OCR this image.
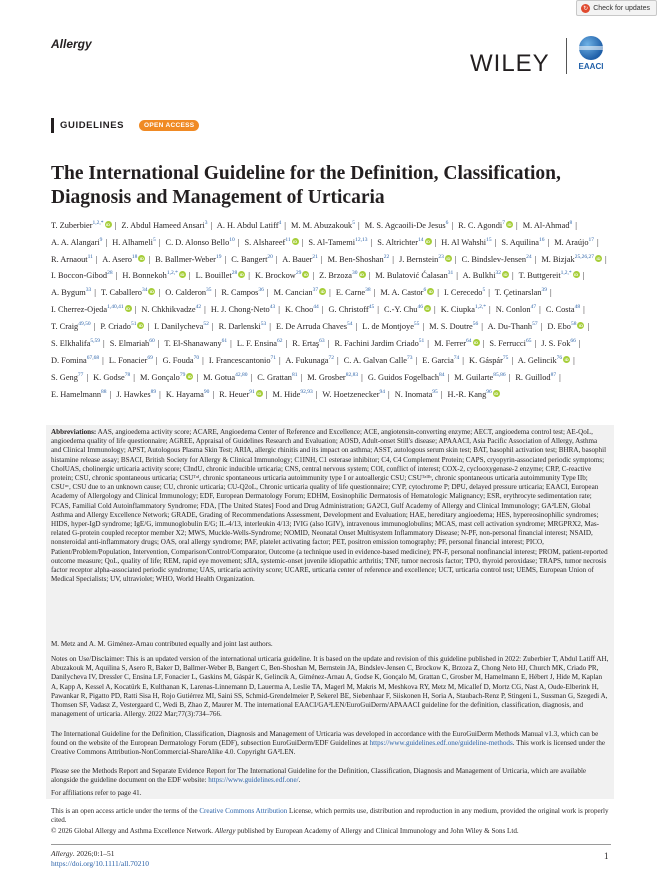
↻ Check for updates
Allergy
WILEY	EAACI
GUIDELINES	OPEN ACCESS
The International Guideline for the Definition, Classification, Diagnosis and Management of Urticaria
T. Zuberbier$^{1,2,*}$ iD | Z. Abdul Hameed Ansari$^3$ | A. H. Abdul Latiff$^4$ | M. M. Abuzakouk$^5$ | M. S. Agcaoili-De Jesus$^6$ | R. C. Agondi$^7$ iD | M. Al-Ahmad$^8$ | A. A. Alangari$^9$ | H. Alhameli$^5$ | C. D. Alonso Bello$^{10}$ | S. Alshareef$^{11}$ iD | S. Al-Tamemi$^{12,13}$ | S. Altrichter$^{14}$ iD | H. Al Wahshi$^{15}$ | S. Aquilina$^{16}$ | M. Araújo$^{17}$ | R. Arnaout$^{11}$ | A. Asero$^{18}$ iD | B. Ballmer-Weber$^{19}$ | C. Bangert$^{20}$ | A. Bauer$^{21}$ | M. Ben-Shoshan$^{22}$ | J. Bernstein$^{23}$ iD | C. Bindslev-Jensen$^{24}$ | M. Bizjak$^{25,26,27}$ iD | I. Boccon-Gibod$^{28}$ | H. Bonnekoh$^{1,2,*}$ iD | L. Bouillet$^{28}$ iD | K. Brockow$^{29}$ iD | Z. Brzoza$^{30}$ iD | M. Bulatović Ćalasan$^{31}$ | A. Bulkhi$^{32}$ iD | T. Buttgereit$^{1,2,*}$ iD | A. Bygum$^{33}$ | T. Caballero$^{34}$ iD | O. Calderon$^{35}$ | R. Campos$^{36}$ | M. Cancian$^{37}$ iD | E. Carne$^{38}$ | M. A. Castor$^6$ iD | I. Cerecedo$^5$ | T. Çetinarslan$^{39}$ | I. Cherrez-Ojeda$^{1,40,41}$iD | N. Chkhikvadze$^{42}$ | H. J. Chong-Neto$^{43}$ | K. Choo$^{44}$ | G. Christoff$^{45}$ | C.-Y. Chu$^{46}$ iD | K. Ciupka$^{1,2,*}$ | N. Conlon$^{47}$ | C. Costa$^{48}$ | T. Craig$^{49,50}$ | P. Criado$^{51}$ iD | I. Danilycheva$^{52}$ | R. Darlenski$^{53}$ | E. De Arruda Chaves$^{54}$ | L. de Montjoye$^{55}$ | M. S. Doutre$^{56}$ | A. Du-Thanh$^{57}$ | D. Ebo$^{58}$ iD | S. Elkhalifa$^{5,59}$ | S. Elmariah$^{60}$ | T. El-Shanawany$^{61}$ | L. F. Ensina$^{62}$ | R. Ertaş$^{63}$ | R. Fachini Jardim Criado$^{51}$ | M. Ferrer$^{64}$ iD | S. Ferrucci$^{65}$ | J. S. Fok$^{66}$ | D. Fomina$^{67,68}$ | L. Fonacier$^{69}$ | G. Fouda$^{70}$ | I. Francescantonio$^{71}$ | A. Fukunaga$^{72}$ | C. A. Galvan Calle$^{73}$ | E. Garcia$^{74}$ | K. Gáspár$^{75}$ | A. Gelincik$^{76}$ iD | S. Geng$^{77}$ | K. Godse$^{78}$ | M. Gonçalo$^{79}$ iD | M. Gotua$^{42,80}$ | C. Grattan$^{81}$ | M. Grosber$^{82,83}$ | G. Guidos Fogelbach$^{84}$ | M. Guilarte$^{85,86}$ | R. Guillod$^{87}$ | E. Hamelmann$^{88}$ | J. Hawkes$^{89}$ | K. Hayama$^{90}$ | R. Heuer$^{91}$ iD | M. Hide$^{92,93}$ | W. Hoetzenecker$^{94}$ | N. Inomata$^{95}$ | H.-R. Kang$^{96}$iD
Abbreviations: AAS, angioedema activity score; ACARE, Angioedema Center of Reference and Excellence; ACE, angiotensin-converting enzyme; AECT, angioedema control test; AE-QoL, angioedema quality of life questionnaire; AGREE, Appraisal of Guidelines Research and Evaluation; AOSD, Adult-onset Still's disease; APAAACI, Asia Pacific Association of Allergy, Asthma and Clinical Immunology; APST, Autologous Plasma Skin Test; ARIA, allergic rhinitis and its impact on asthma; ASST, autologous serum skin test; BAT, basophil activation test; BHRA, basophil histamine release assay; BSACI, British Society for Allergy & Clinical Immunology; C1INH, C1 esterase inhibitor; C4, C4 Complement Protein; CAPS, cryopyrin-associated periodic symptoms; CholUAS, cholinergic urticaria activity score; CIndU, chronic inducible urticaria; CNS, central nervous system; COI, conflict of interest; COX-2, cyclooxygenase-2 enzyme; CRP, C-reactive protein; CSU, chronic spontaneous urticaria; CSUᵀᵃᴵ, chronic spontaneous urticaria autoimmunity type I or autoallergic CSU; CSUᵀᵃᴵᴵᵇ, chronic spontaneous urticaria autoimmunity Type IIb; CSUᵘᶜ, CSU due to an unknown cause; CU, chronic urticaria; CU-Q2oL, Chronic urticaria quality of life questionnaire; CYP, cytochrome P; DPU, delayed pressure urticaria; EAACI, European Academy of Allergology and Clinical Immunology; EDF, European Dermatology Forum; EDHM, Eosinophilic Dermatosis of Hematologic Malignancy; ESR, erythrocyte sedimentation rate; FCAS, Familial Cold Autoinflammatory Syndrome; FDA, [The United States] Food and Drug Administration; GA2CI, Gulf Academy of Allergy and Clinical Immunology; GA²LEN, Global Asthma and Allergy Excellence Network; GRADE, Grading of Recommendations Assessment, Development and Evaluation; HAE, hereditary angioedema; HES, hypereosinophilic syndromes; HIDS, hyper-IgD syndrome; IgE/G, immunoglobulin E/G; IL-4/13, interleukin 4/13; IVIG (also IGIV), intravenous immunoglobulins; MCAS, mast cell activation syndrome; MRGPRX2, Mas-related G-protein coupled receptor member X2; MWS, Muckle-Wells-Syndrome; NOMID, Neonatal Onset Multisystem Inflammatory Disease; N-PF, non-personal financial interest; NSAID, nonsteroidal anti-inflammatory drugs; OAS, oral allergy syndrome; PAF, platelet activating factor; PET, positron emission tomography; PF, personal financial interest; PICO, Patient/Problem/Population, Intervention, Comparison/Control/Comparator, Outcome (a technique used in evidence-based medicine); PN-F, personal nonfinancial interest; PROM, patient-reported outcome measure; QoL, quality of life; REM, rapid eye movement; sJIA, systemic-onset juvenile idiopathic arthritis; TNF, tumor necrosis factor; TPO, thyroid peroxidase; TRAPS, tumor necrosis factor receptor alpha-associated periodic syndrome; UAS, urticaria activity score; UCARE, urticaria center of reference and excellence; UCT, urticaria control test; UEMS, European Union of Medical Specialists; UV, ultraviolet; WHO, World Health Organization.
M. Metz and A. M. Giménez-Arnau contributed equally and joint last authors.
Notes on Use/Disclaimer: This is an updated version of the international urticaria guideline. It is based on the update and revision of this guideline published in 2022: Zuberbier T, Abdul Latiff AH, Abuzakouk M, Aquilina S, Asero R, Baker D, Ballmer-Weber B, Bangert C, Ben-Shoshan M, Bernstein JA, Bindslev-Jensen C, Brockow K, Brzoza Z, Chong Neto HJ, Church MK, Criado PR, Danilycheva IV, Dressler C, Ensina LF, Fonacier L, Gaskins M, Gáspár K, Gelincik A, Giménez-Arnau A, Godse K, Gonçalo M, Grattan C, Grosber M, Hamelmann E, Hébert J, Hide M, Kaplan A, Kapp A, Kessel A, Kocatürk E, Kulthanan K, Larenas-Linnemann D, Lauerma A, Leslie TA, Magerl M, Makris M, Meshkova RY, Metz M, Micallef D, Mortz CG, Nast A, Oude-Elberink H, Pawankar R, Pigatto PD, Ratti Sisa H, Rojo Gutiérrez MI, Saini SS, Schmid-Grendelmeier P, Sekerel BE, Siebenhaar F, Siiskonen H, Soria A, Staubach-Renz P, Stingeni L, Sussman G, Szegedi A, Thomsen SF, Vadasz Z, Vestergaard C, Wedi B, Zhao Z, Maurer M. The international EAACI/GA²LEN/EuroGuiDerm/APAAACI guideline for the definition, classification, diagnosis, and management of urticaria. Allergy. 2022 Mar;77(3):734–766.
The International Guideline for the Definition, Classification, Diagnosis and Management of Urticaria was developed in accordance with the EuroGuiDerm Methods Manual v1.3, which can be found on the website of the European Dermatology Forum (EDF), subsection EuroGuiDerm/EDF Guidelines at https://www.guidelines.edf.one/guideline-methods. This work is licensed under the Creative Commons Attribution-NonCommercial-ShareAlike 4.0. Copyright GA²LEN.
Please see the Methods Report and Separate Evidence Report for The International Guideline for the Definition, Classification, Diagnosis and Management of Urticaria, which are available alongside the guideline document on the EDF website: https://www.guidelines.edf.one/.
For affiliations refer to page 41.
This is an open access article under the terms of the Creative Commons Attribution License, which permits use, distribution and reproduction in any medium, provided the original work is properly cited.
© 2026 Global Allergy and Asthma Excellence Network. Allergy published by European Academy of Allergy and Clinical Immunology and John Wiley & Sons Ltd.
Allergy. 2026;0:1–51
https://doi.org/10.1111/all.70210
1
